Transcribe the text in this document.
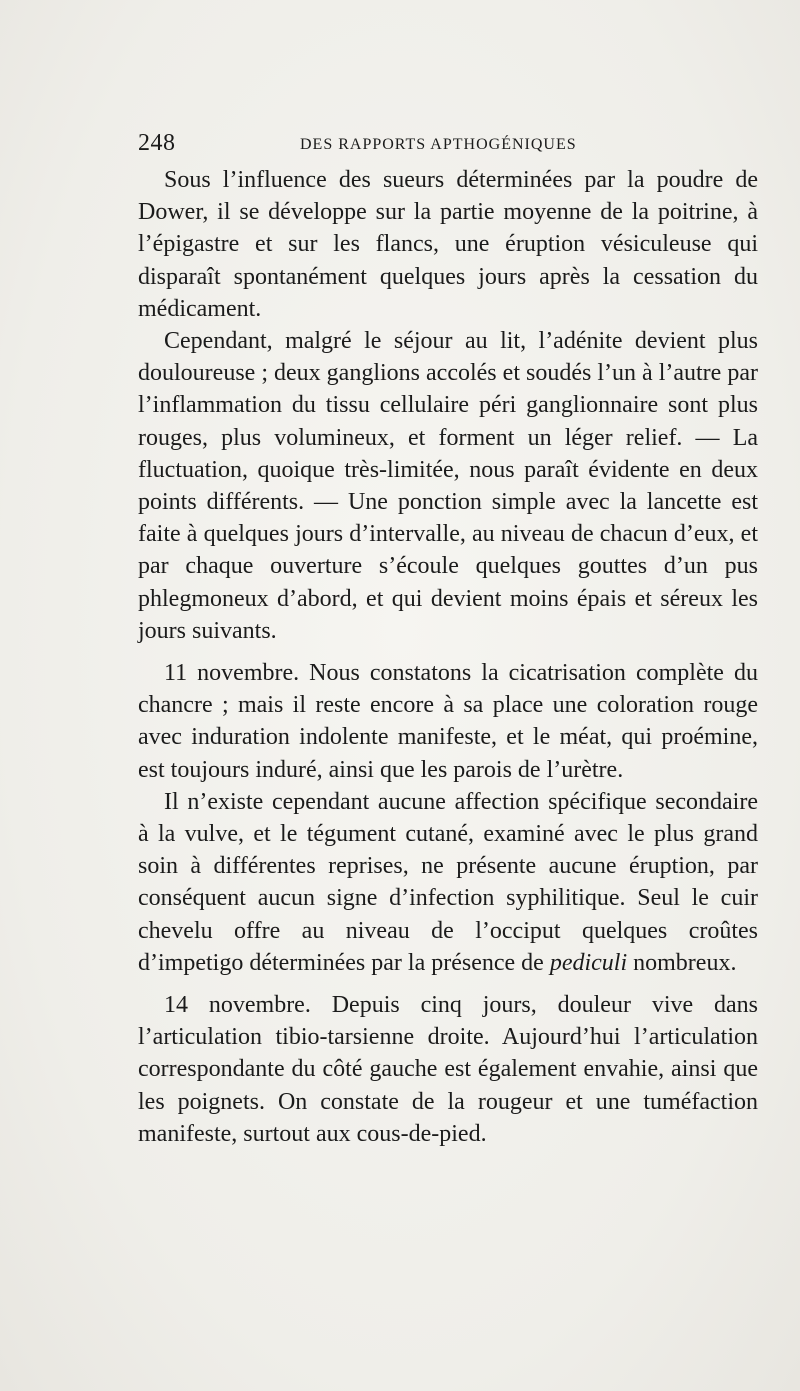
248	DES RAPPORTS APTHOGÉNIQUES

Sous l’influence des sueurs déterminées par la poudre de Dower, il se développe sur la partie moyenne de la poitrine, à l’épigastre et sur les flancs, une éruption vésiculeuse qui disparaît spontanément quelques jours après la cessation du médicament.

Cependant, malgré le séjour au lit, l’adénite devient plus douloureuse ; deux ganglions accolés et soudés l’un à l’autre par l’inflammation du tissu cellulaire péri ganglionnaire sont plus rouges, plus volumineux, et forment un léger relief. — La fluctuation, quoique très-limitée, nous paraît évidente en deux points différents. — Une ponction simple avec la lancette est faite à quelques jours d’intervalle, au niveau de chacun d’eux, et par chaque ouverture s’écoule quelques gouttes d’un pus phlegmoneux d’abord, et qui devient moins épais et séreux les jours suivants.

11 novembre. Nous constatons la cicatrisation complète du chancre ; mais il reste encore à sa place une coloration rouge avec induration indolente manifeste, et le méat, qui proémine, est toujours induré, ainsi que les parois de l’urètre.

Il n’existe cependant aucune affection spécifique secondaire à la vulve, et le tégument cutané, examiné avec le plus grand soin à différentes reprises, ne présente aucune éruption, par conséquent aucun signe d’infection syphilitique. Seul le cuir chevelu offre au niveau de l’occiput quelques croûtes d’impetigo déterminées par la présence de pediculi nombreux.

14 novembre. Depuis cinq jours, douleur vive dans l’articulation tibio-tarsienne droite. Aujourd’hui l’articulation correspondante du côté gauche est également envahie, ainsi que les poignets. On constate de la rougeur et une tuméfaction manifeste, surtout aux cous-de-pied.
